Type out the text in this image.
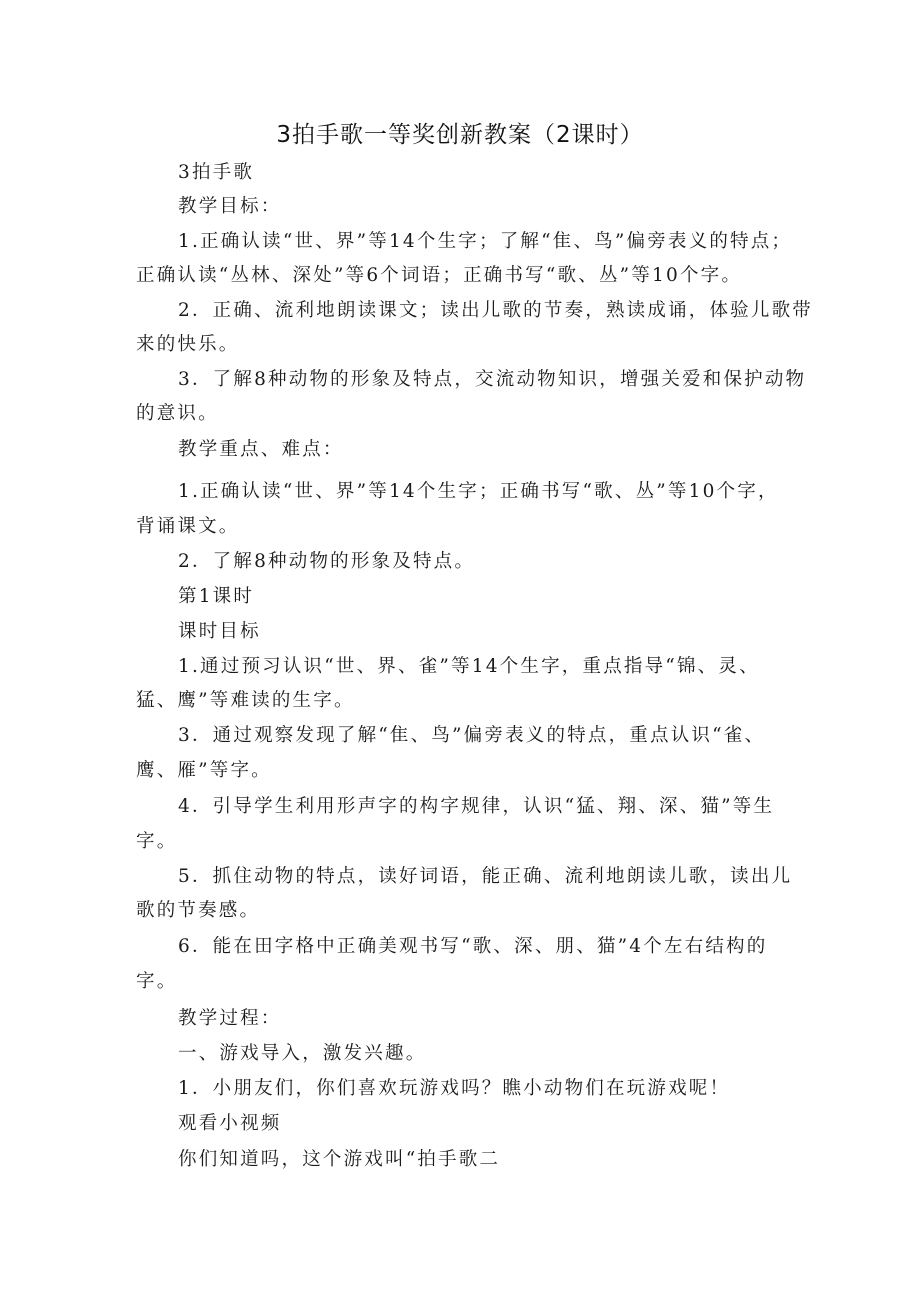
3拍手歌一等奖创新教案（2课时）
3拍手歌
教学目标：
1.正确认读“世、界”等14个生字；了解“隹、鸟”偏旁表义的特点；
正确认读“丛林、深处”等6个词语；正确书写“歌、丛”等10个字。
2．正确、流利地朗读课文；读出儿歌的节奏，熟读成诵，体验儿歌带
来的快乐。
3．了解8种动物的形象及特点，交流动物知识，增强关爱和保护动物
的意识。
教学重点、难点：
1.正确认读“世、界”等14个生字；正确书写“歌、丛”等10个字，
背诵课文。
2．了解8种动物的形象及特点。
第1课时
课时目标
1.通过预习认识“世、界、雀”等14个生字，重点指导“锦、灵、
猛、鹰”等难读的生字。
3．通过观察发现了解“隹、鸟”偏旁表义的特点，重点认识“雀、
鹰、雁”等字。
4．引导学生利用形声字的构字规律，认识“猛、翔、深、猫”等生
字。
5．抓住动物的特点，读好词语，能正确、流利地朗读儿歌，读出儿
歌的节奏感。
6．能在田字格中正确美观书写“歌、深、朋、猫”4个左右结构的
字。
教学过程：
一、游戏导入，激发兴趣。
1．小朋友们，你们喜欢玩游戏吗？瞧小动物们在玩游戏呢！
观看小视频
你们知道吗，这个游戏叫“拍手歌二
